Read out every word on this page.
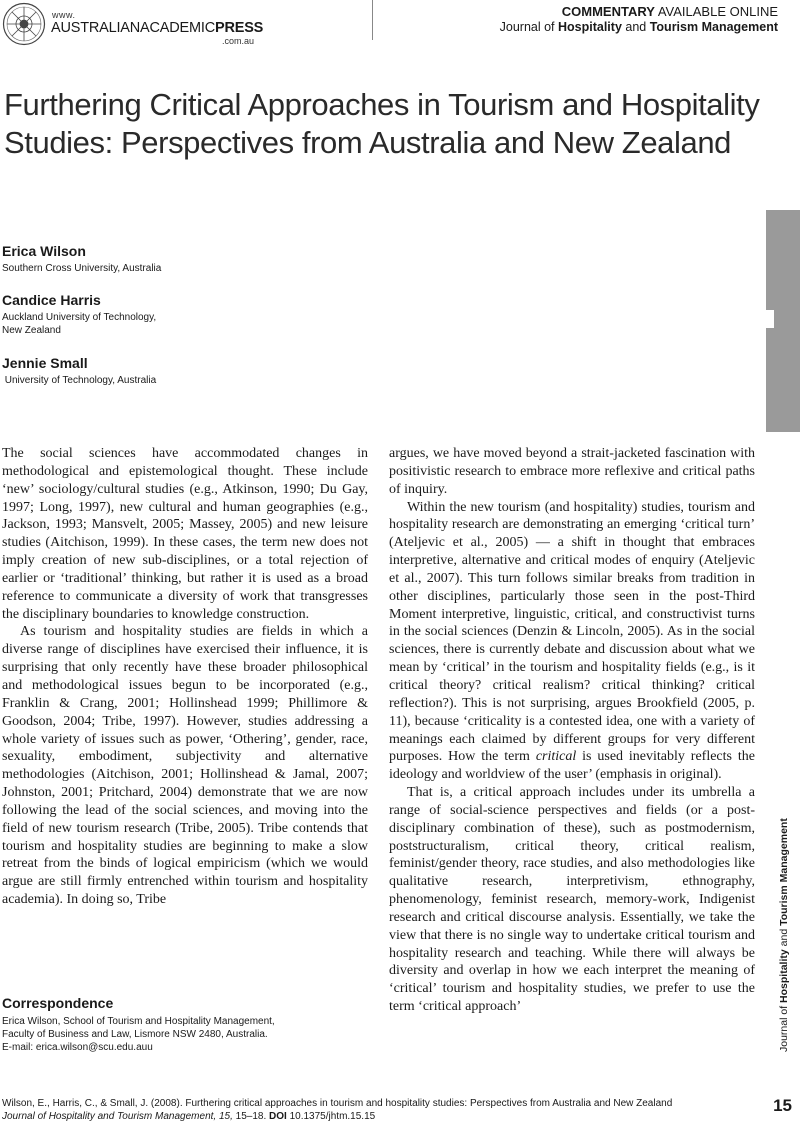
www.
AUSTRALIANACADEMICPRESS
.com.au
COMMENTARY AVAILABLE ONLINE
Journal of Hospitality and Tourism Management
Furthering Critical Approaches in Tourism and Hospitality
Studies: Perspectives from Australia and New Zealand
Erica Wilson
Southern Cross University, Australia
Candice Harris
Auckland University of Technology,
New Zealand
Jennie Small
University of Technology, Australia

The social sciences have accommodated changes in methodological and epistemological thought. These include ‘new’ sociology/cultural studies (e.g., Atkinson, 1990; Du Gay, 1997; Long, 1997), new cultural and human geographies (e.g., Jackson, 1993; Mansvelt, 2005; Massey, 2005) and new leisure studies (Aitchison, 1999). In these cases, the term new does not imply creation of new sub-disciplines, or a total rejection of earlier or ‘traditional’ thinking, but rather it is used as a broad reference to communicate a diversity of work that transgresses the disciplinary boundaries to knowledge construction.

As tourism and hospitality studies are fields in which a diverse range of disciplines have exercised their influence, it is surprising that only recently have these broader philosophical and methodological issues begun to be incorporated (e.g., Franklin & Crang, 2001; Hollinshead 1999; Phillimore & Goodson, 2004; Tribe, 1997). However, studies addressing a whole variety of issues such as power, ‘Othering’, gender, race, sexuality, embodiment, subjectivity and alternative methodologies (Aitchison, 2001; Hollinshead & Jamal, 2007; Johnston, 2001; Pritchard, 2004) demonstrate that we are now following the lead of the social sciences, and moving into the field of new tourism research (Tribe, 2005). Tribe contends that tourism and hospitality studies are beginning to make a slow retreat from the binds of logical empiricism (which we would argue are still firmly entrenched within tourism and hospitality academia). In doing so, Tribe

argues, we have moved beyond a strait-jacketed fascination with positivistic research to embrace more reflexive and critical paths of inquiry.

Within the new tourism (and hospitality) studies, tourism and hospitality research are demonstrating an emerging ‘critical turn’ (Ateljevic et al., 2005) — a shift in thought that embraces interpretive, alternative and critical modes of enquiry (Ateljevic et al., 2007). This turn follows similar breaks from tradition in other disciplines, particularly those seen in the post-Third Moment interpretive, linguistic, critical, and constructivist turns in the social sciences (Denzin & Lincoln, 2005). As in the social sciences, there is currently debate and discussion about what we mean by ‘critical’ in the tourism and hospitality fields (e.g., is it critical theory? critical realism? critical thinking? critical reflection?). This is not surprising, argues Brookfield (2005, p. 11), because ‘criticality is a contested idea, one with a variety of meanings each claimed by different groups for very different purposes. How the term critical is used inevitably reflects the ideology and worldview of the user’ (emphasis in original).

That is, a critical approach includes under its umbrella a range of social-science perspectives and fields (or a post-disciplinary combination of these), such as postmodernism, poststructuralism, critical theory, critical realism, feminist/gender theory, race studies, and also methodologies like qualitative research, interpretivism, ethnography, phenomenology, feminist research, memory-work, Indigenist research and critical discourse analysis. Essentially, we take the view that there is no single way to undertake critical tourism and hospitality research and teaching. While there will always be diversity and overlap in how we each interpret the meaning of ‘critical’ tourism and hospitality studies, we prefer to use the term ‘critical approach’

Correspondence
Erica Wilson, School of Tourism and Hospitality Management,
Faculty of Business and Law, Lismore NSW 2480, Australia.
E-mail: erica.wilson@scu.edu.auu	Journal of Hospitality and Tourism Management
Wilson, E., Harris, C., & Small, J. (2008). Furthering critical approaches in tourism and hospitality studies: Perspectives from Australia and New Zealand
Journal of Hospitality and Tourism Management, 15, 15–18. DOI 10.1375/jhtm.15.15
15
